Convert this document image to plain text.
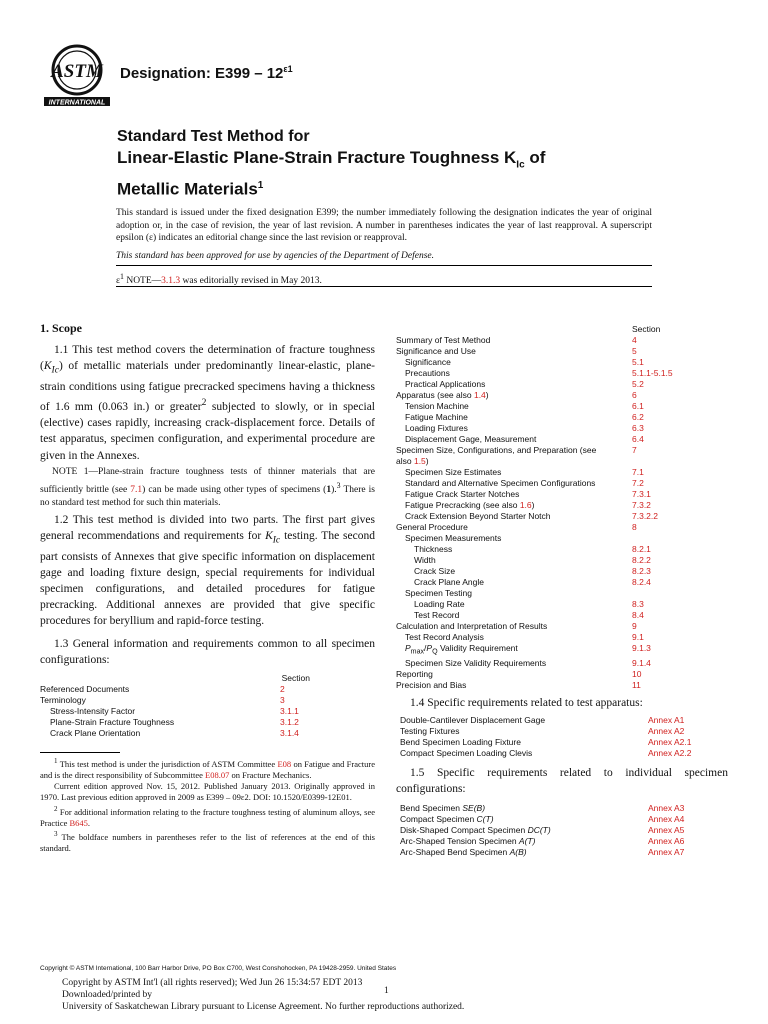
ASTM
INTERNATIONAL
Designation: $E399 - 12^{\varepsilon 1}$
Standard Test Method for
Linear-Elastic Plane-Strain Fracture Toughness $K_{Ic}$ of
Metallic Materials$^1$
This standard is issued under the fixed designation E399; the number immediately following the designation indicates the year of original adoption or, in the case of revision, the year of last revision. A number in parentheses indicates the year of last reapproval. A superscript epsilon (ε) indicates an editorial change since the last revision or reapproval.
This standard has been approved for use by agencies of the Department of Defense.
$\varepsilon^1$ NOTE—3.1.3 was editorially revised in May 2013.
1. Scope

1.1 This test method covers the determination of fracture toughness $(K_{Ic})$ of metallic materials under predominantly linear-elastic, plane-strain conditions using fatigue precracked specimens having a thickness of 1.6 mm (0.063 in.) or greater$^2$ subjected to slowly, or in special (elective) cases rapidly, increasing crack-displacement force. Details of test apparatus, specimen configuration, and experimental procedure are given in the Annexes.

NOTE 1—Plane-strain fracture toughness tests of thinner materials that are sufficiently brittle (see 7.1) can be made using other types of specimens (1).$^3$ There is no standard test method for such thin materials.

1.2 This test method is divided into two parts. The first part gives general recommendations and requirements for $K_{Ic}$ testing. The second part consists of Annexes that give specific information on displacement gage and loading fixture design, special requirements for individual specimen configurations, and detailed procedures for fatigue precracking. Additional annexes are provided that give specific procedures for beryllium and rapid-force testing.

1.3 General information and requirements common to all specimen configurations:

Section
Referenced Documents	2
Terminology	3
Stress-Intensity Factor	3.1.1
Plane-Strain Fracture Toughness	3.1.2
Crack Plane Orientation	3.1.4

$^1$ This test method is under the jurisdiction of ASTM Committee E08 on Fatigue and Fracture and is the direct responsibility of Subcommittee E08.07 on Fracture Mechanics.

Current edition approved Nov. 15, 2012. Published January 2013. Originally approved in 1970. Last previous edition approved in 2009 as E399 – 09ε2. DOI: 10.1520/E0399-12E01.

$^2$ For additional information relating to the fracture toughness testing of aluminum alloys, see Practice B645.

$^3$ The boldface numbers in parentheses refer to the list of references at the end of this standard.

Section
Summary of Test Method	4
Significance and Use	5
Significance	5.1
Precautions	5.1.1-5.1.5
Practical Applications	5.2
Apparatus (see also 1.4)	6
Tension Machine	6.1
Fatigue Machine	6.2
Loading Fixtures	6.3
Displacement Gage, Measurement	6.4
Specimen Size, Configurations, and Preparation (see	7
also 1.5)
Specimen Size Estimates	7.1
Standard and Alternative Specimen Configurations	7.2
Fatigue Crack Starter Notches	7.3.1
Fatigue Precracking (see also 1.6)	7.3.2
Crack Extension Beyond Starter Notch	7.3.2.2
General Procedure	8
Specimen Measurements
Thickness	8.2.1
Width	8.2.2
Crack Size	8.2.3
Crack Plane Angle	8.2.4
Specimen Testing
Loading Rate	8.3
Test Record	8.4
Calculation and Interpretation of Results	9
Test Record Analysis	9.1
$P_{max}/P_Q$ Validity Requirement	9.1.3
Specimen Size Validity Requirements	9.1.4
Reporting	10
Precision and Bias	11
1.4 Specific requirements related to test apparatus:
Double-Cantilever Displacement Gage	Annex A1
Testing Fixtures	Annex A2
Bend Specimen Loading Fixture	Annex A2.1
Compact Specimen Loading Clevis	Annex A2.2
1.5 Specific requirements related to individual specimen configurations:
Bend Specimen SE(B)	Annex A3
Compact Specimen C(T)	Annex A4
Disk-Shaped Compact Specimen DC(T)	Annex A5
Arc-Shaped Tension Specimen A(T)	Annex A6
Arc-Shaped Bend Specimen A(B)	Annex A7
Copyright © ASTM International, 100 Barr Harbor Drive, PO Box C700, West Conshohocken, PA 19428-2959. United States
Copyright by ASTM Int'l (all rights reserved); Wed Jun 26 15:34:57 EDT 2013
Downloaded/printed by
University of Saskatchewan Library pursuant to License Agreement. No further reproductions authorized.
1
